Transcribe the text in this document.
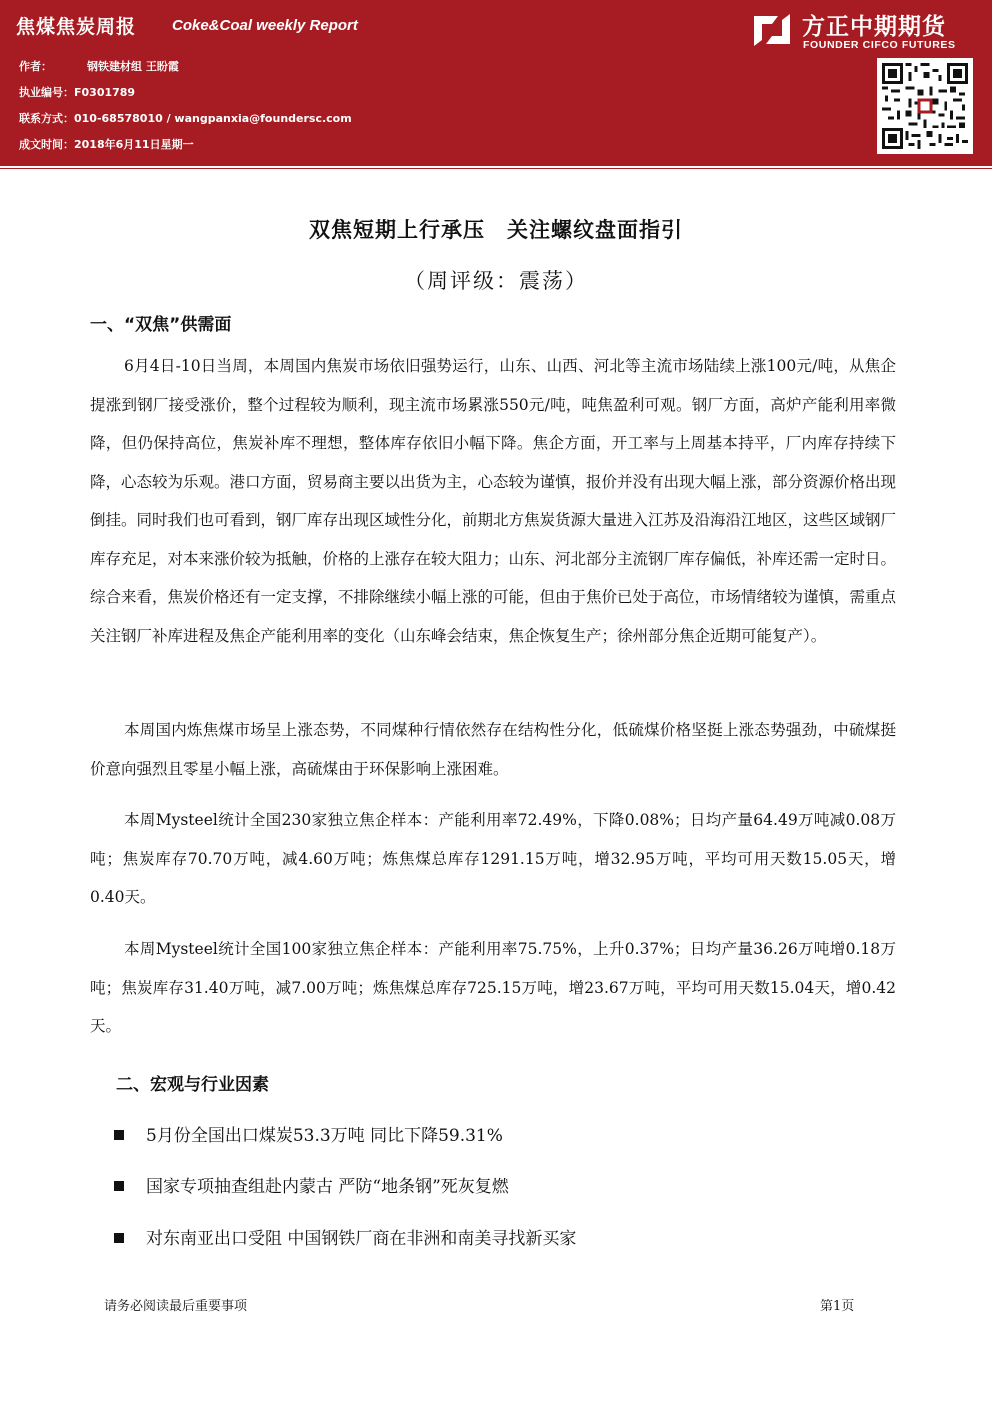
焦煤焦炭周报 Coke&Coal weekly Report
作者：	钢铁建材组 王盼霞
执业编号：F0301789
联系方式：010-68578010 / wangpanxia@foundersc.com
成文时间：2018年6月11日星期一
方正中期期货
FOUNDER CIFCO FUTURES
双焦短期上行承压　关注螺纹盘面指引
（周评级：震荡）
一、“双焦”供需面

6月4日-10日当周，本周国内焦炭市场依旧强势运行，山东、山西、河北等主流市场陆续上涨100元/吨，从焦企提涨到钢厂接受涨价，整个过程较为顺利，现主流市场累涨550元/吨，吨焦盈利可观。钢厂方面，高炉产能利用率微降，但仍保持高位，焦炭补库不理想，整体库存依旧小幅下降。焦企方面，开工率与上周基本持平，厂内库存持续下降，心态较为乐观。港口方面，贸易商主要以出货为主，心态较为谨慎，报价并没有出现大幅上涨，部分资源价格出现倒挂。同时我们也可看到，钢厂库存出现区域性分化，前期北方焦炭货源大量进入江苏及沿海沿江地区，这些区域钢厂库存充足，对本来涨价较为抵触，价格的上涨存在较大阻力；山东、河北部分主流钢厂库存偏低，补库还需一定时日。综合来看，焦炭价格还有一定支撑，不排除继续小幅上涨的可能，但由于焦价已处于高位，市场情绪较为谨慎，需重点关注钢厂补库进程及焦企产能利用率的变化（山东峰会结束，焦企恢复生产；徐州部分焦企近期可能复产）。

本周国内炼焦煤市场呈上涨态势，不同煤种行情依然存在结构性分化，低硫煤价格坚挺上涨态势强劲，中硫煤挺价意向强烈且零星小幅上涨，高硫煤由于环保影响上涨困难。

本周Mysteel统计全国230家独立焦企样本：产能利用率72.49%，下降0.08%；日均产量64.49万吨减0.08万吨；焦炭库存70.70万吨，减4.60万吨；炼焦煤总库存1291.15万吨，增32.95万吨，平均可用天数15.05天，增0.40天。

本周Mysteel统计全国100家独立焦企样本：产能利用率75.75%，上升0.37%；日均产量36.26万吨增0.18万吨；焦炭库存31.40万吨，减7.00万吨；炼焦煤总库存725.15万吨，增23.67万吨，平均可用天数15.04天，增0.42天。

二、宏观与行业因素
5月份全国出口煤炭53.3万吨 同比下降59.31%
国家专项抽查组赴内蒙古 严防“地条钢”死灰复燃
对东南亚出口受阻 中国钢铁厂商在非洲和南美寻找新买家
请务必阅读最后重要事项	第1页
